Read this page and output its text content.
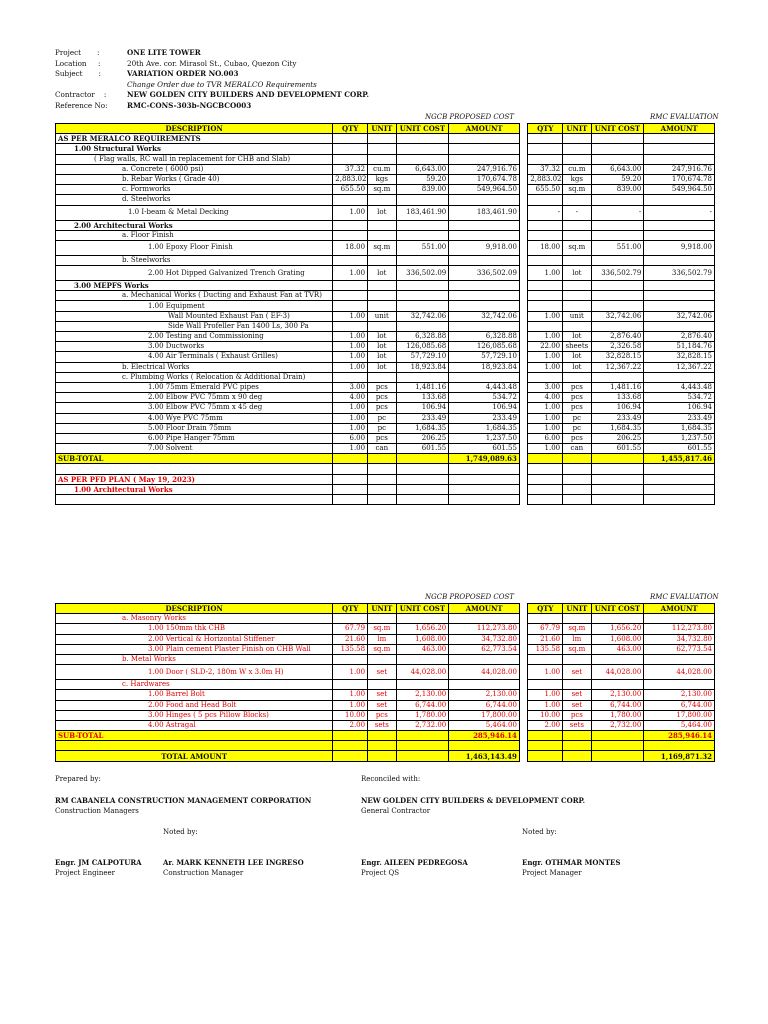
Project       :	ONE LITE TOWER
Location     :	20th Ave. cor. Mirasol St., Cubao, Quezon City
Subject       :	VARIATION ORDER NO.003
Change Order due to TVR MERALCO Requirements
Contractor    :	NEW GOLDEN CITY BUILDERS AND DEVELOPMENT CORP.
Reference No:	RMC-CONS-303b-NGCBCO003
NGCB PROPOSED COST	RMC EVALUATION
DESCRIPTION	QTY	UNIT	UNIT COST	AMOUNT		QTY	UNIT	UNIT COST	AMOUNT
AS PER MERALCO REQUIREMENTS									
1.00 Structural Works									
( Flag walls, RC wall in replacement for CHB and Slab)									
a. Concrete ( 6000 psi)	37.32	cu.m	6,643.00	247,916.76		37.32	cu.m	6,643.00	247,916.76
b. Rebar Works ( Grade 40)	2,883.02	kgs	59.20	170,674.78		2,883.02	kgs	59.20	170,674.78
c. Formworks	655.50	sq.m	839.00	549,964.50		655.50	sq.m	839.00	549,964.50
d. Steelworks									
1.0 I-beam & Metal Decking	1.00	lot	183,461.90	183,461.90		-	-	-	-
2.00 Architectural Works									
a. Floor Finish									
1.00 Epoxy Floor Finish	18.00	sq.m	551.00	9,918.00		18.00	sq.m	551.00	9,918.00
b. Steelworks									
2.00 Hot Dipped Galvanized Trench Grating	1.00	lot	336,502.09	336,502.09		1.00	lot	336,502.79	336,502.79
3.00 MEPFS Works									
a. Mechanical Works ( Ducting and Exhaust Fan at TVR)									
1.00 Equipment									
Wall Mounted Exhaust Fan ( EF-3)	1.00	unit	32,742.06	32,742.06		1.00	unit	32,742.06	32,742.06
Side Wall Profeller Fan 1400 Ls, 300 Pa									
2.00 Testing and Commissioning	1.00	lot	6,328.88	6,328.88		1.00	lot	2,876.40	2,876.40
3.00 Ductworks	1.00	lot	126,085.68	126,085.68		22.00	sheets	2,326.58	51,184.76
4.00 Air Terminals ( Exhaust Grilles)	1.00	lot	57,729.10	57,729.10		1.00	lot	32,828.15	32,828.15
b. Electrical Works	1.00	lot	18,923.84	18,923.84		1.00	lot	12,367.22	12,367.22
c. Plumbing Works ( Relocation & Additional Drain)									
1.00 75mm Emerald PVC pipes	3.00	pcs	1,481.16	4,443.48		3.00	pcs	1,481.16	4,443.48
2.00 Elbow PVC 75mm x 90 deg	4.00	pcs	133.68	534.72		4.00	pcs	133.68	534.72
3.00 Elbow PVC 75mm x 45 deg	1.00	pcs	106.94	106.94		1.00	pcs	106.94	106.94
4.00 Wye PVC 75mm	1.00	pc	233.49	233.49		1.00	pc	233.49	233.49
5.00 Floor Drain 75mm	1.00	pc	1,684.35	1,684.35		1.00	pc	1,684.35	1,684.35
6.00 Pipe Hanger 75mm	6.00	pcs	206.25	1,237.50		6.00	pcs	206.25	1,237.50
7.00 Solvent	1.00	can	601.55	601.55		1.00	can	601.55	601.55
SUB-TOTAL				1,749,089.63					1,455,817.46

AS PER PFD PLAN ( May 19, 2023)									
1.00 Architectural Works									

NGCB PROPOSED COST	RMC EVALUATION
DESCRIPTION	QTY	UNIT	UNIT COST	AMOUNT		QTY	UNIT	UNIT COST	AMOUNT
a. Masonry Works									
1.00 150mm thk CHB	67.79	sq.m	1,656.20	112,273.80		67.79	sq.m	1,656.20	112,273.80
2.00 Vertical & Horizontal Stiffener	21.60	lm	1,608.00	34,732.80		21.60	lm	1,608.00	34,732.80
3.00 Plain cement Plaster Finish on CHB Wall	135.58	sq.m	463.00	62,773.54		135.58	sq.m	463.00	62,773.54
b. Metal Works									
1.00 Door ( SLD-2, 180m W x 3.0m H)	1.00	set	44,028.00	44,028.00		1.00	set	44,028.00	44,028.00
c. Hardwares									
1.00 Barrel Bolt	1.00	set	2,130.00	2,130.00		1.00	set	2,130.00	2,130.00
2.00 Food and Head Bolt	1.00	set	6,744.00	6,744.00		1.00	set	6,744.00	6,744.00
3.00 Hinges ( 5 pcs Pillow Blocks)	10.00	pcs	1,780.00	17,800.00		10.00	pcs	1,780.00	17,800.00
4.00 Astragal	2.00	sets	2,732.00	5,464.00		2.00	sets	2,732.00	5,464.00
SUB-TOTAL				285,946.14					285,946.14

TOTAL AMOUNT				1,463,143.49					1,169,871.32
Prepared by:	Reconciled with:
RM CABANELA CONSTRUCTION MANAGEMENT CORPORATION
Construction Managers
NEW GOLDEN CITY BUILDERS & DEVELOPMENT CORP.
General Contractor
Noted by:	Noted by:
Engr. JM CALPOTURA
Project Engineer
Ar. MARK KENNETH LEE INGRESO
Construction Manager
Engr. AILEEN PEDREGOSA
Project QS
Engr. OTHMAR MONTES
Project Manager
